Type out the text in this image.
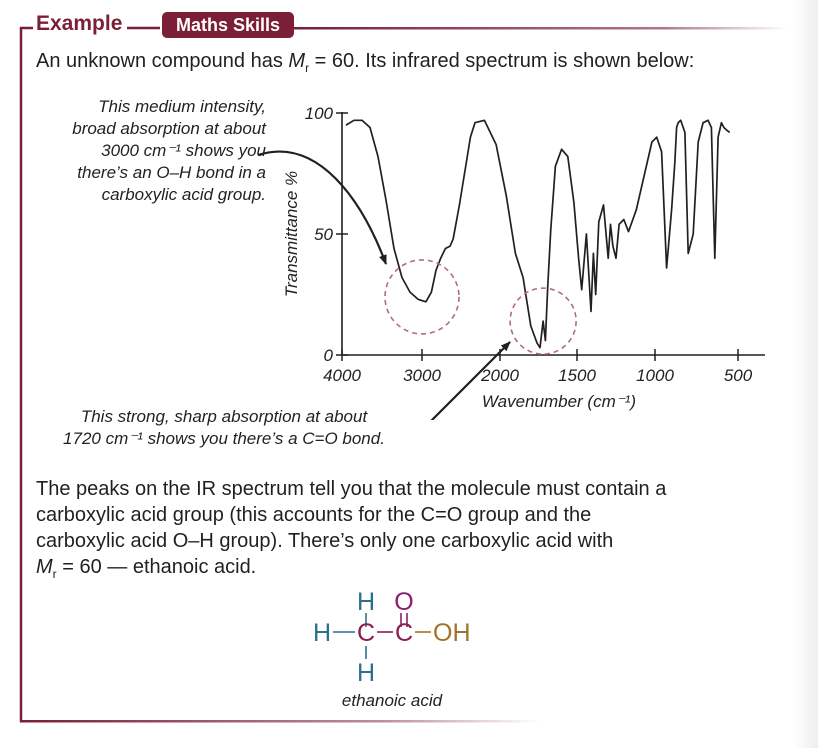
Example	Maths Skills
An unknown compound has $M_r = 60$. Its infrared spectrum is shown below:
This medium intensity,
broad absorption at about
3000 cm⁻¹ shows you
there’s an O–H bond in a
carboxylic acid group.
This strong, sharp absorption at about
1720 cm⁻¹ shows you there’s a C=O bond.
4000 3000 2000 1500 1000	500
0
50
100
Transmittance %
Wavenumber (cm⁻¹)
The peaks on the IR spectrum tell you that the molecule must contain a
carboxylic acid group (this accounts for the C=O group and the
carboxylic acid O–H group). There’s only one carboxylic acid with
$M_r = 60$ — ethanoic acid.
H O
H C C OH
H
ethanoic acid
